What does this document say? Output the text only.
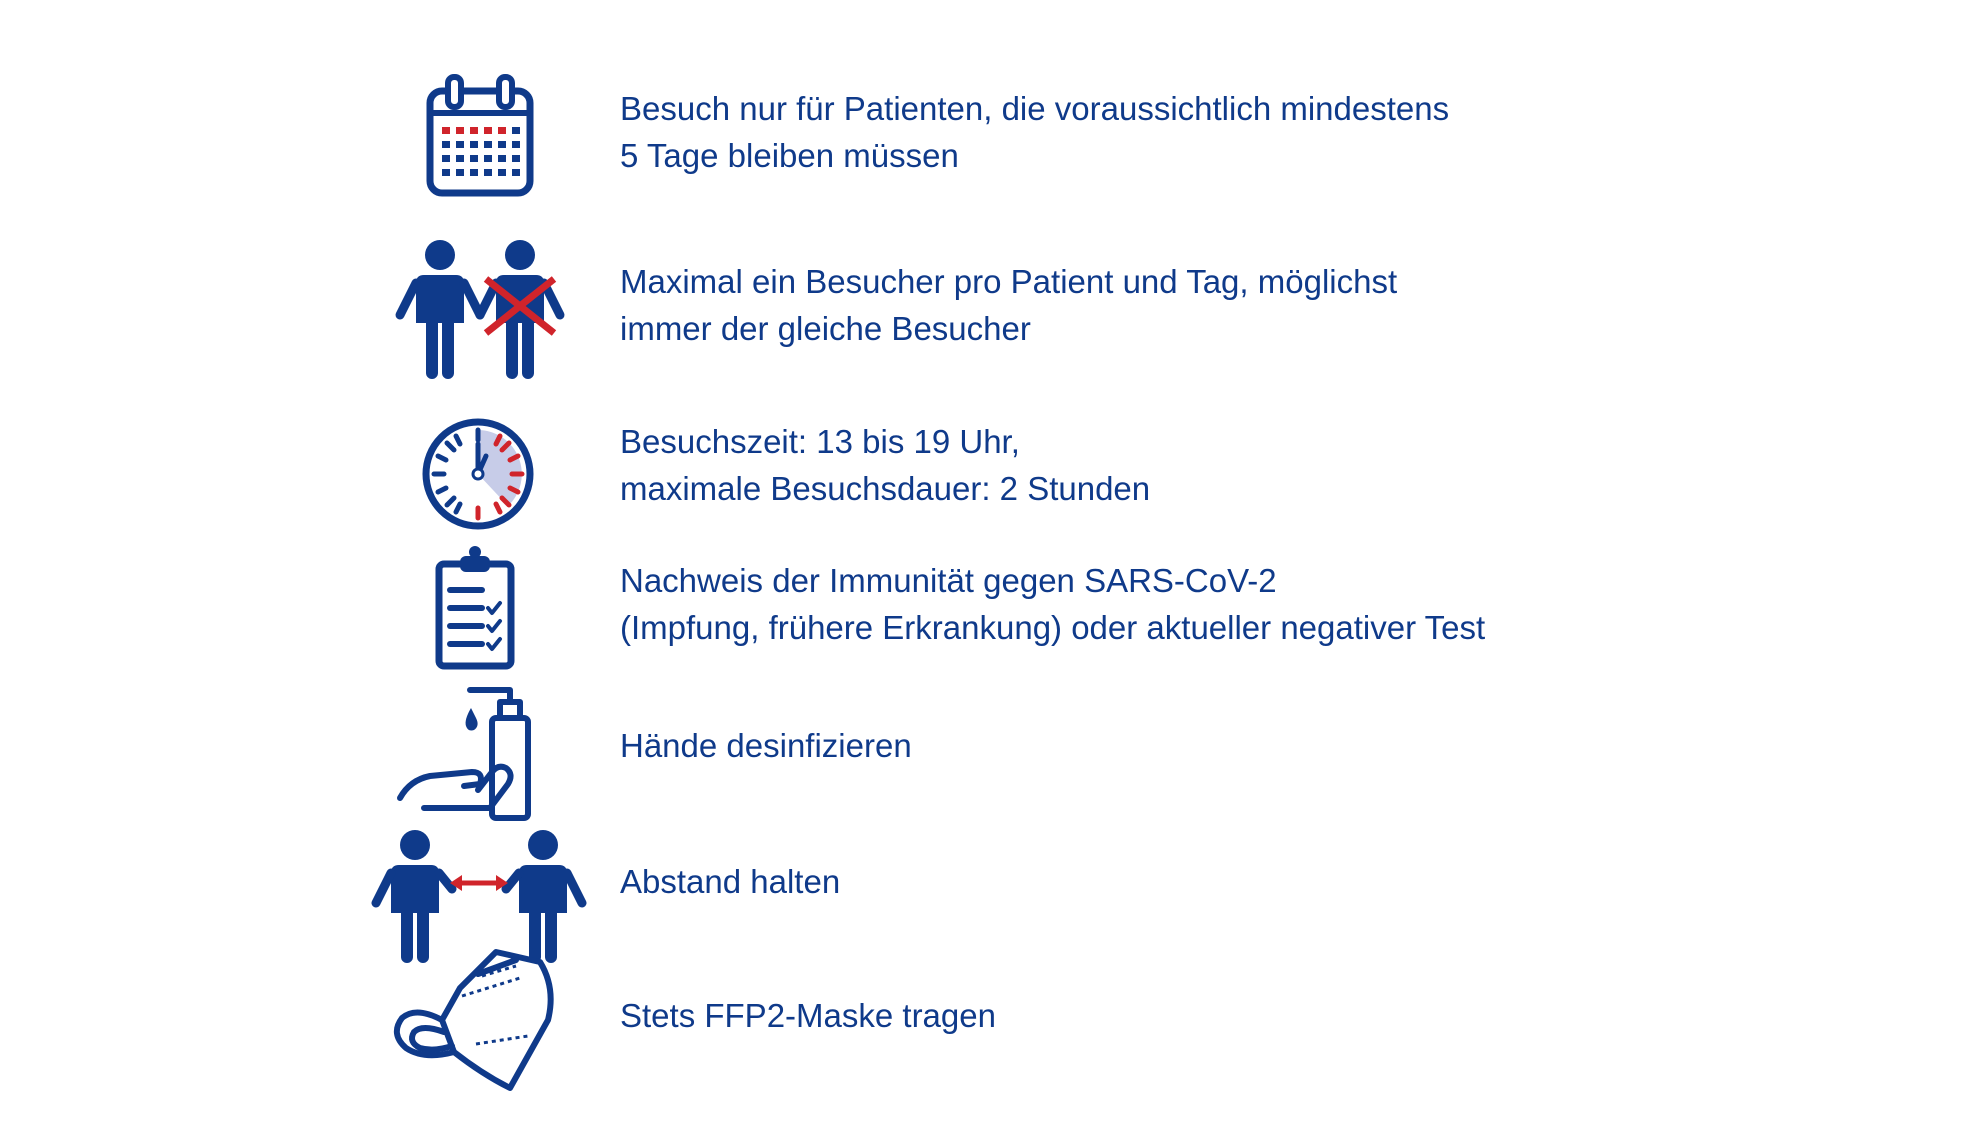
Besuch nur für Patienten, die voraussichtlich mindestens
5 Tage bleiben müssen
Maximal ein Besucher pro Patient und Tag, möglichst
immer der gleiche Besucher
Besuchszeit: 13 bis 19 Uhr,
maximale Besuchsdauer: 2 Stunden
Nachweis der Immunität gegen SARS-CoV-2
(Impfung, frühere Erkrankung) oder aktueller negativer Test
Hände desinfizieren
Abstand halten
Stets FFP2-Maske tragen
